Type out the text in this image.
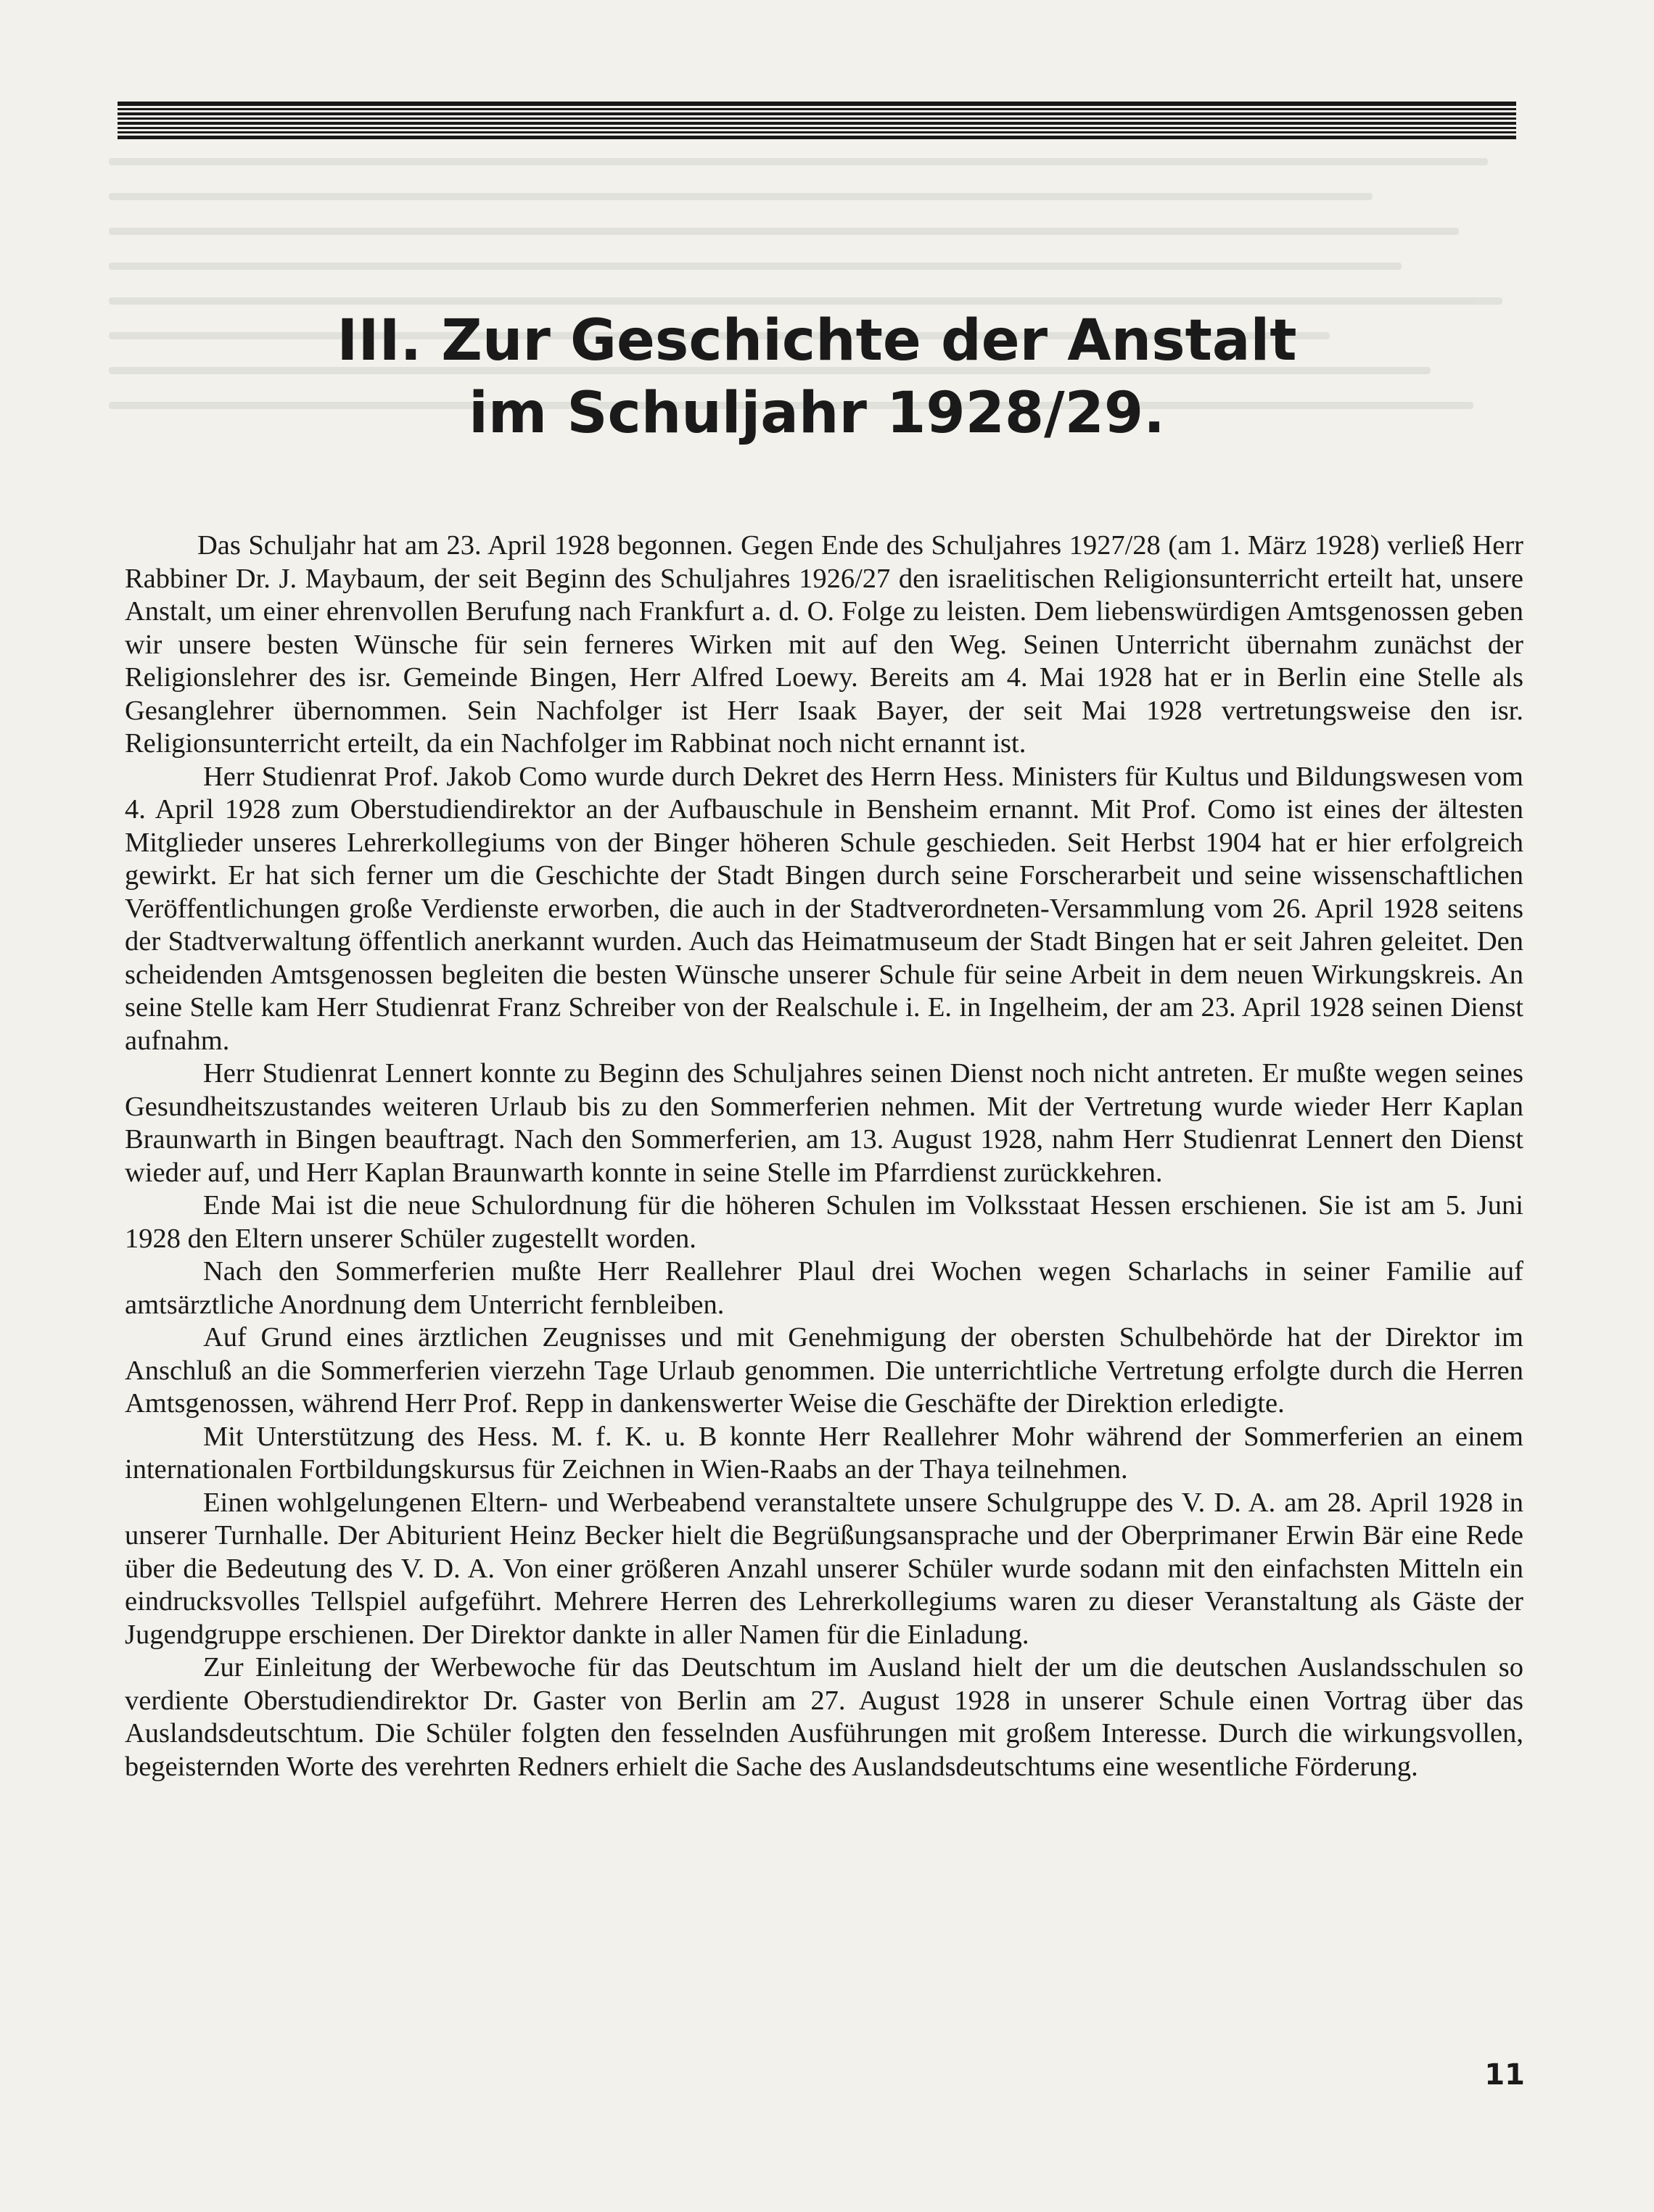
III. Zur Geschichte der Anstalt
im Schuljahr 1928/29.

Das Schuljahr hat am 23. April 1928 begonnen. Gegen Ende des Schuljahres 1927/28 (am 1. März 1928) verließ Herr Rabbiner Dr. J. Maybaum, der seit Beginn des Schuljahres 1926/27 den israelitischen Religionsunterricht erteilt hat, unsere Anstalt, um einer ehrenvollen Berufung nach Frankfurt a. d. O. Folge zu leisten. Dem liebenswürdigen Amtsgenossen geben wir unsere besten Wünsche für sein ferneres Wirken mit auf den Weg. Seinen Unterricht übernahm zunächst der Religionslehrer des isr. Gemeinde Bingen, Herr Alfred Loewy. Bereits am 4. Mai 1928 hat er in Berlin eine Stelle als Gesanglehrer übernommen. Sein Nachfolger ist Herr Isaak Bayer, der seit Mai 1928 vertretungsweise den isr. Religionsunterricht erteilt, da ein Nachfolger im Rabbinat noch nicht ernannt ist.

Herr Studienrat Prof. Jakob Como wurde durch Dekret des Herrn Hess. Ministers für Kultus und Bildungswesen vom 4. April 1928 zum Oberstudiendirektor an der Aufbauschule in Bensheim ernannt. Mit Prof. Como ist eines der ältesten Mitglieder unseres Lehrerkollegiums von der Binger höheren Schule geschieden. Seit Herbst 1904 hat er hier erfolgreich gewirkt. Er hat sich ferner um die Geschichte der Stadt Bingen durch seine Forscherarbeit und seine wissenschaftlichen Veröffentlichungen große Verdienste erworben, die auch in der Stadtverordneten-Versammlung vom 26. April 1928 seitens der Stadtverwaltung öffentlich anerkannt wurden. Auch das Heimatmuseum der Stadt Bingen hat er seit Jahren geleitet. Den scheidenden Amtsgenossen begleiten die besten Wünsche unserer Schule für seine Arbeit in dem neuen Wirkungskreis. An seine Stelle kam Herr Studienrat Franz Schreiber von der Realschule i. E. in Ingelheim, der am 23. April 1928 seinen Dienst aufnahm.

Herr Studienrat Lennert konnte zu Beginn des Schuljahres seinen Dienst noch nicht antreten. Er mußte wegen seines Gesundheitszustandes weiteren Urlaub bis zu den Sommerferien nehmen. Mit der Vertretung wurde wieder Herr Kaplan Braunwarth in Bingen beauftragt. Nach den Sommerferien, am 13. August 1928, nahm Herr Studienrat Lennert den Dienst wieder auf, und Herr Kaplan Braunwarth konnte in seine Stelle im Pfarrdienst zurückkehren.

Ende Mai ist die neue Schulordnung für die höheren Schulen im Volksstaat Hessen erschienen. Sie ist am 5. Juni 1928 den Eltern unserer Schüler zugestellt worden.

Nach den Sommerferien mußte Herr Reallehrer Plaul drei Wochen wegen Scharlachs in seiner Familie auf amtsärztliche Anordnung dem Unterricht fernbleiben.

Auf Grund eines ärztlichen Zeugnisses und mit Genehmigung der obersten Schulbehörde hat der Direktor im Anschluß an die Sommerferien vierzehn Tage Urlaub genommen. Die unterrichtliche Vertretung erfolgte durch die Herren Amtsgenossen, während Herr Prof. Repp in dankenswerter Weise die Geschäfte der Direktion erledigte.

Mit Unterstützung des Hess. M. f. K. u. B konnte Herr Reallehrer Mohr während der Sommerferien an einem internationalen Fortbildungskursus für Zeichnen in Wien-Raabs an der Thaya teilnehmen.

Einen wohlgelungenen Eltern- und Werbeabend veranstaltete unsere Schulgruppe des V. D. A. am 28. April 1928 in unserer Turnhalle. Der Abiturient Heinz Becker hielt die Begrüßungsansprache und der Oberprimaner Erwin Bär eine Rede über die Bedeutung des V. D. A. Von einer größeren Anzahl unserer Schüler wurde sodann mit den einfachsten Mitteln ein eindrucksvolles Tellspiel aufgeführt. Mehrere Herren des Lehrerkollegiums waren zu dieser Veranstaltung als Gäste der Jugendgruppe erschienen. Der Direktor dankte in aller Namen für die Einladung.

Zur Einleitung der Werbewoche für das Deutschtum im Ausland hielt der um die deutschen Auslandsschulen so verdiente Oberstudiendirektor Dr. Gaster von Berlin am 27. August 1928 in unserer Schule einen Vortrag über das Auslandsdeutschtum. Die Schüler folgten den fesselnden Ausführungen mit großem Interesse. Durch die wirkungsvollen, begeisternden Worte des verehrten Redners erhielt die Sache des Auslandsdeutschtums eine wesentliche Förderung.

11
